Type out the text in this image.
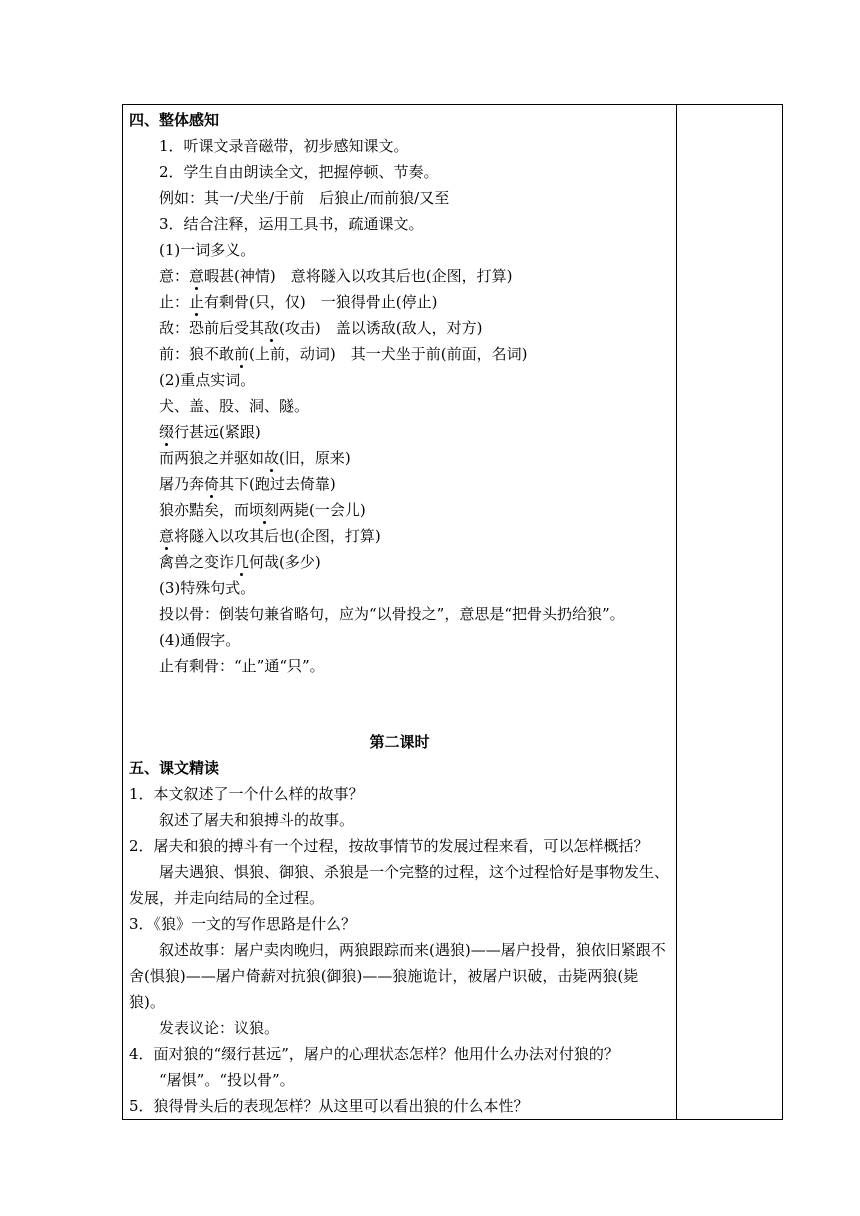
四、整体感知
1．听课文录音磁带，初步感知课文。
2．学生自由朗读全文，把握停顿、节奏。
例如：其一/犬坐/于前　后狼止/而前狼/又至
3．结合注释，运用工具书，疏通课文。
(1)一词多义。
意：意暇甚(神情)　意将隧入以攻其后也(企图，打算)
止：止有剩骨(只，仅)　一狼得骨止(停止)
敌：恐前后受其敌(攻击)　盖以诱敌(敌人，对方)
前：狼不敢前(上前，动词)　其一犬坐于前(前面，名词)
(2)重点实词。
犬、盖、股、洞、隧。
缀行甚远(紧跟)
而两狼之并驱如故(旧，原来)
屠乃奔倚其下(跑过去倚靠)
狼亦黠矣，而顷刻两毙(一会儿)
意将隧入以攻其后也(企图，打算)
禽兽之变诈几何哉(多少)
(3)特殊句式。
投以骨：倒装句兼省略句，应为“以骨投之”，意思是“把骨头扔给狼”。
(4)通假字。
止有剩骨：“止”通“只”。
第二课时
五、课文精读
1．本文叙述了一个什么样的故事？
叙述了屠夫和狼搏斗的故事。
2．屠夫和狼的搏斗有一个过程，按故事情节的发展过程来看，可以怎样概括？
屠夫遇狼、惧狼、御狼、杀狼是一个完整的过程，这个过程恰好是事物发生、发展，并走向结局的全过程。
3．《狼》一文的写作思路是什么？
叙述故事：屠户卖肉晚归，两狼跟踪而来(遇狼)——屠户投骨，狼依旧紧跟不舍(惧狼)——屠户倚薪对抗狼(御狼)——狼施诡计，被屠户识破，击毙两狼(毙狼)。
发表议论：议狼。
4．面对狼的“缀行甚远”，屠户的心理状态怎样？他用什么办法对付狼的？
“屠惧”。“投以骨”。
5．狼得骨头后的表现怎样？从这里可以看出狼的什么本性？
